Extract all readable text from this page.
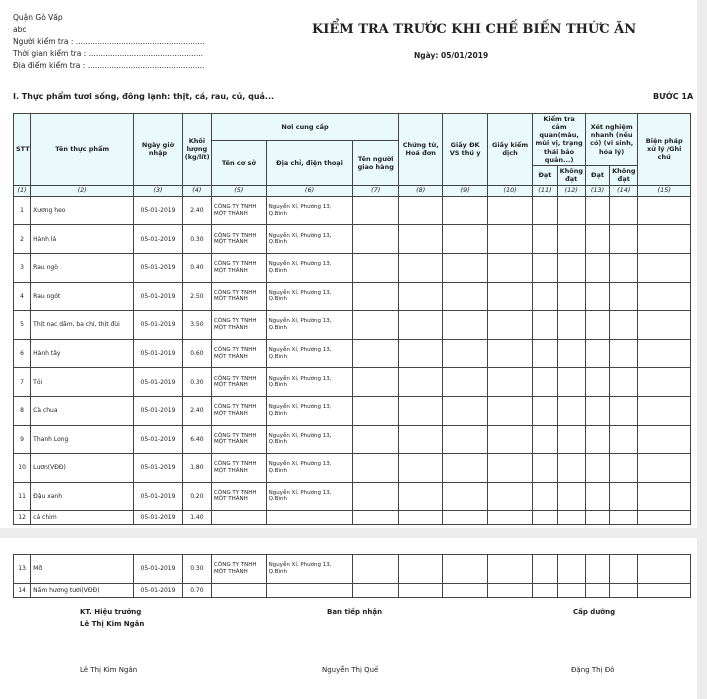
Quận Gò Vấp
abc
Người kiểm tra : ......................................................
Thời gian kiểm tra : ................................................
Địa điểm kiểm tra : .................................................
KIỂM TRA TRƯỚC KHI CHẾ BIẾN THỨC ĂN
Ngày: 05/01/2019
I. Thực phẩm tươi sống, đông lạnh: thịt, cá, rau, củ, quả...	BƯỚC 1A
STT	Tên thực phẩm	Ngày giờ nhập	Khối lượng (kg/lít)	Nơi cung cấp			Chứng từ, Hoá đơn	Giấy ĐK VS thú y	Giấy kiểm dịch	Kiểm tra cảm quan(màu, mùi vị, trạng thái bảo quản...)		Xét nghiệm nhanh (nếu có) (vi sinh, hóa lý)		Biện pháp xử lý /Ghi chú
				Tên cơ sở	Địa chỉ, điện thoại	Tên người giao hàng								
										Đạt	Không đạt	Đạt	Không đạt	
(1)	(2)	(3)	(4)	(5)	(6)	(7)	(8)	(9)	(10)	(11)	(12)	(13)	(14)	(15)
1	Xương heo	05-01-2019	2.40	CÔNG TY TNHH MỘT THÀNH	Nguyễn Xí, Phường 13, Q.Bình									
2	Hành lá	05-01-2019	0.30	CÔNG TY TNHH MỘT THÀNH	Nguyễn Xí, Phường 13, Q.Bình									
3	Rau ngò	05-01-2019	0.40	CÔNG TY TNHH MỘT THÀNH	Nguyễn Xí, Phường 13, Q.Bình									
4	Rau ngót	05-01-2019	2.50	CÔNG TY TNHH MỘT THÀNH	Nguyễn Xí, Phường 13, Q.Bình									
5	Thịt nạc dăm, ba chỉ, thịt đùi	05-01-2019	3.50	CÔNG TY TNHH MỘT THÀNH	Nguyễn Xí, Phường 13, Q.Bình									
6	Hành tây	05-01-2019	0.60	CÔNG TY TNHH MỘT THÀNH	Nguyễn Xí, Phường 13, Q.Bình									
7	Tỏi	05-01-2019	0.30	CÔNG TY TNHH MỘT THÀNH	Nguyễn Xí, Phường 13, Q.Bình									
8	Cà chua	05-01-2019	2.40	CÔNG TY TNHH MỘT THÀNH	Nguyễn Xí, Phường 13, Q.Bình									
9	Thanh Long	05-01-2019	6.40	CÔNG TY TNHH MỘT THÀNH	Nguyễn Xí, Phường 13, Q.Bình									
10	Lươn(VĐĐ)	05-01-2019	1.80	CÔNG TY TNHH MỘT THÀNH	Nguyễn Xí, Phường 13, Q.Bình									
11	Đậu xanh	05-01-2019	0.20	CÔNG TY TNHH MỘT THÀNH	Nguyễn Xí, Phường 13, Q.Bình									
12	cá chim	05-01-2019	1.40											
13	Mỡ	05-01-2019	0.30	CÔNG TY TNHH MỘT THÀNH	Nguyễn Xí, Phường 13, Q.Bình									
14	Nấm hương tươi(VĐĐ)	05-01-2019	0.70											
KT. Hiệu trưởng
Lê Thị Kim Ngân
Ban tiếp nhận	Cấp dưỡng
Lê Thị Kim Ngân	Nguyễn Thị Quế	Đặng Thị Đô
